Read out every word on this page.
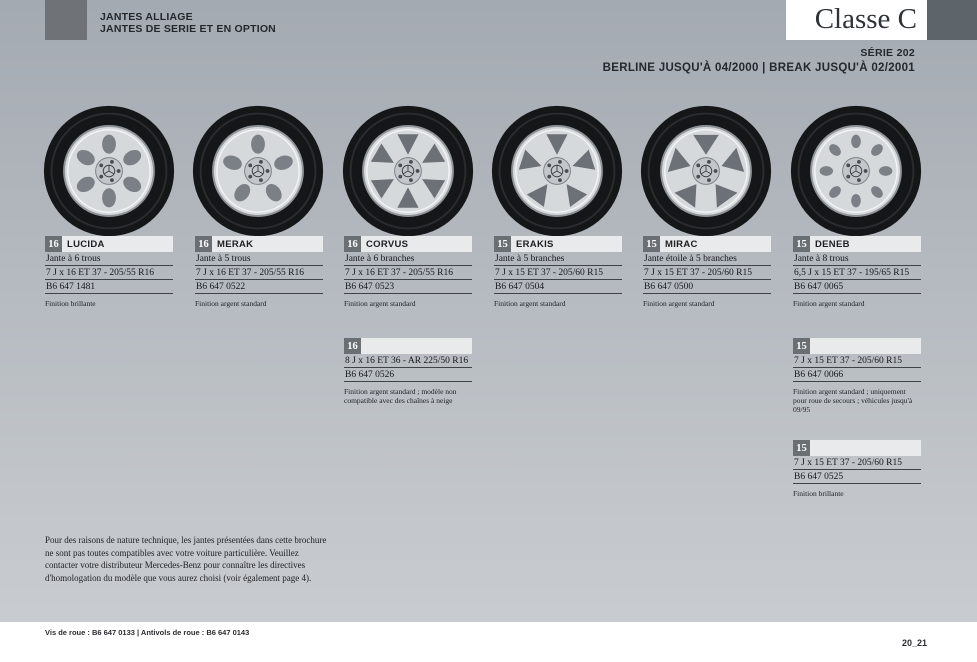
JANTES ALLIAGE
JANTES DE SERIE ET EN OPTION	Classe C
SÉRIE 202
BERLINE JUSQU'À 04/2000 | BREAK JUSQU'À 02/2001
16 LUCIDA
Jante à 6 trous
7 J x 16 ET 37 - 205/55 R16
B6 647 1481
Finition brillante
16 MERAK
Jante à 5 trous
7 J x 16 ET 37 - 205/55 R16
B6 647 0522
Finition argent standard
16 CORVUS
Jante à 6 branches
7 J x 16 ET 37 - 205/55 R16
B6 647 0523
Finition argent standard
15 ERAKIS
Jante à 5 branches
7 J x 15 ET 37 - 205/60 R15
B6 647 0504
Finition argent standard
15 MIRAC
Jante étoile à 5 branches
7 J x 15 ET 37 - 205/60 R15
B6 647 0500
Finition argent standard
15 DENEB
Jante à 8 trous
6,5 J x 15 ET 37 - 195/65 R15
B6 647 0065
Finition argent standard
16
8 J x 16 ET 36 - AR 225/50 R16
B6 647 0526
Finition argent standard ; modèle non compatible avec des chaînes à neige
15
7 J x 15 ET 37 - 205/60 R15
B6 647 0066
Finition argent standard ; uniquement pour roue de secours ; véhicules jusqu'à 09/95
15
7 J x 15 ET 37 - 205/60 R15
B6 647 0525
Finition brillante
Pour des raisons de nature technique, les jantes présentées dans cette brochure ne sont pas toutes compatibles avec votre voiture particulière. Veuillez contacter votre distributeur Mercedes-Benz pour connaître les directives d'homologation du modèle que vous aurez choisi (voir également page 4).
Vis de roue : B6 647 0133 | Antivols de roue : B6 647 0143
20_21
